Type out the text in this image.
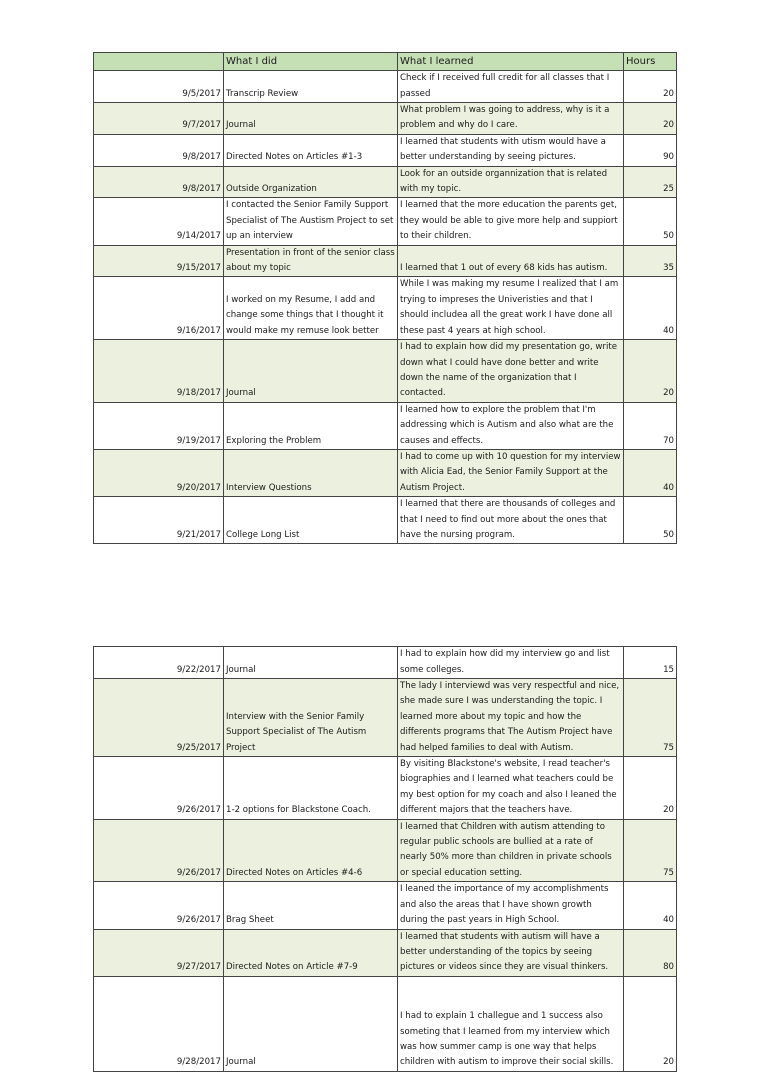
	What I did	What I learned	Hours
9/5/2017	Transcrip Review	Check if I received full credit for all classes that I passed	20
9/7/2017	Journal	What problem I was going to address, why is it a problem and why do I care.	20
9/8/2017	Directed Notes on Articles #1-3	I learned that students with utism would have a better understanding by seeing pictures.	90
9/8/2017	Outside Organization	Look for an outside organnization that is related with my topic.	25
9/14/2017	I contacted the Senior Family Support Specialist of The Austism Project to set up an interview	I learned that the more education the parents get, they would be able to give more help and suppiort to their children.	50
9/15/2017	Presentation in front of the senior class about my topic	I learned that 1 out of every 68 kids has autism.	35
9/16/2017	I worked on my Resume, I add and change some things that I thought it would make my remuse look better	While I was making my resume I realized that I am trying to impreses the Univeristies and that I should includea all the great work I have done all these past 4 years at high school.	40
9/18/2017	Journal	I had to explain how did my presentation go, write down what I could have done better and write down the name of the organization that I contacted.	20
9/19/2017	Exploring the Problem	I learned how to explore the problem that I'm addressing which is Autism and also what are the causes and effects.	70
9/20/2017	Interview Questions	I had to come up with 10 question for my interview with Alicia Ead, the Senior Family Support at the Autism Project.	40
9/21/2017	College Long List	I learned that there are thousands of colleges and that I need to find out more about the ones that have the nursing program.	50
9/22/2017	Journal	I had to explain how did my interview go and list some colleges.	15
9/25/2017	Interview with the Senior Family Support Specialist of The Autism Project	The lady I interviewd was very respectful and nice, she made sure I was understanding the topic. I learned more about my topic and how the differents programs that The Autism Project have had helped families to deal with Autism.	75
9/26/2017	1-2 options for Blackstone Coach.	By visiting Blackstone's website, I read teacher's biographies and I learned what teachers could be my best option for my coach and also I leaned the different majors that the teachers have.	20
9/26/2017	Directed Notes on Articles #4-6	I learned that Children with autism attending to regular public schools are bullied at a rate of nearly 50% more than children in private schools or special education setting.	75
9/26/2017	Brag Sheet	I leaned the importance of my accomplishments and also the areas that I have shown growth during the past years in High School.	40
9/27/2017	Directed Notes on Article #7-9	I learned that students with autism will have a better understanding of the topics by seeing pictures or videos since they are visual thinkers.	80
9/28/2017	Journal	I had to explain 1 challegue and 1 success also someting that I learned from my interview which was how summer camp is one way that helps children with autism to improve their social skills.	20
